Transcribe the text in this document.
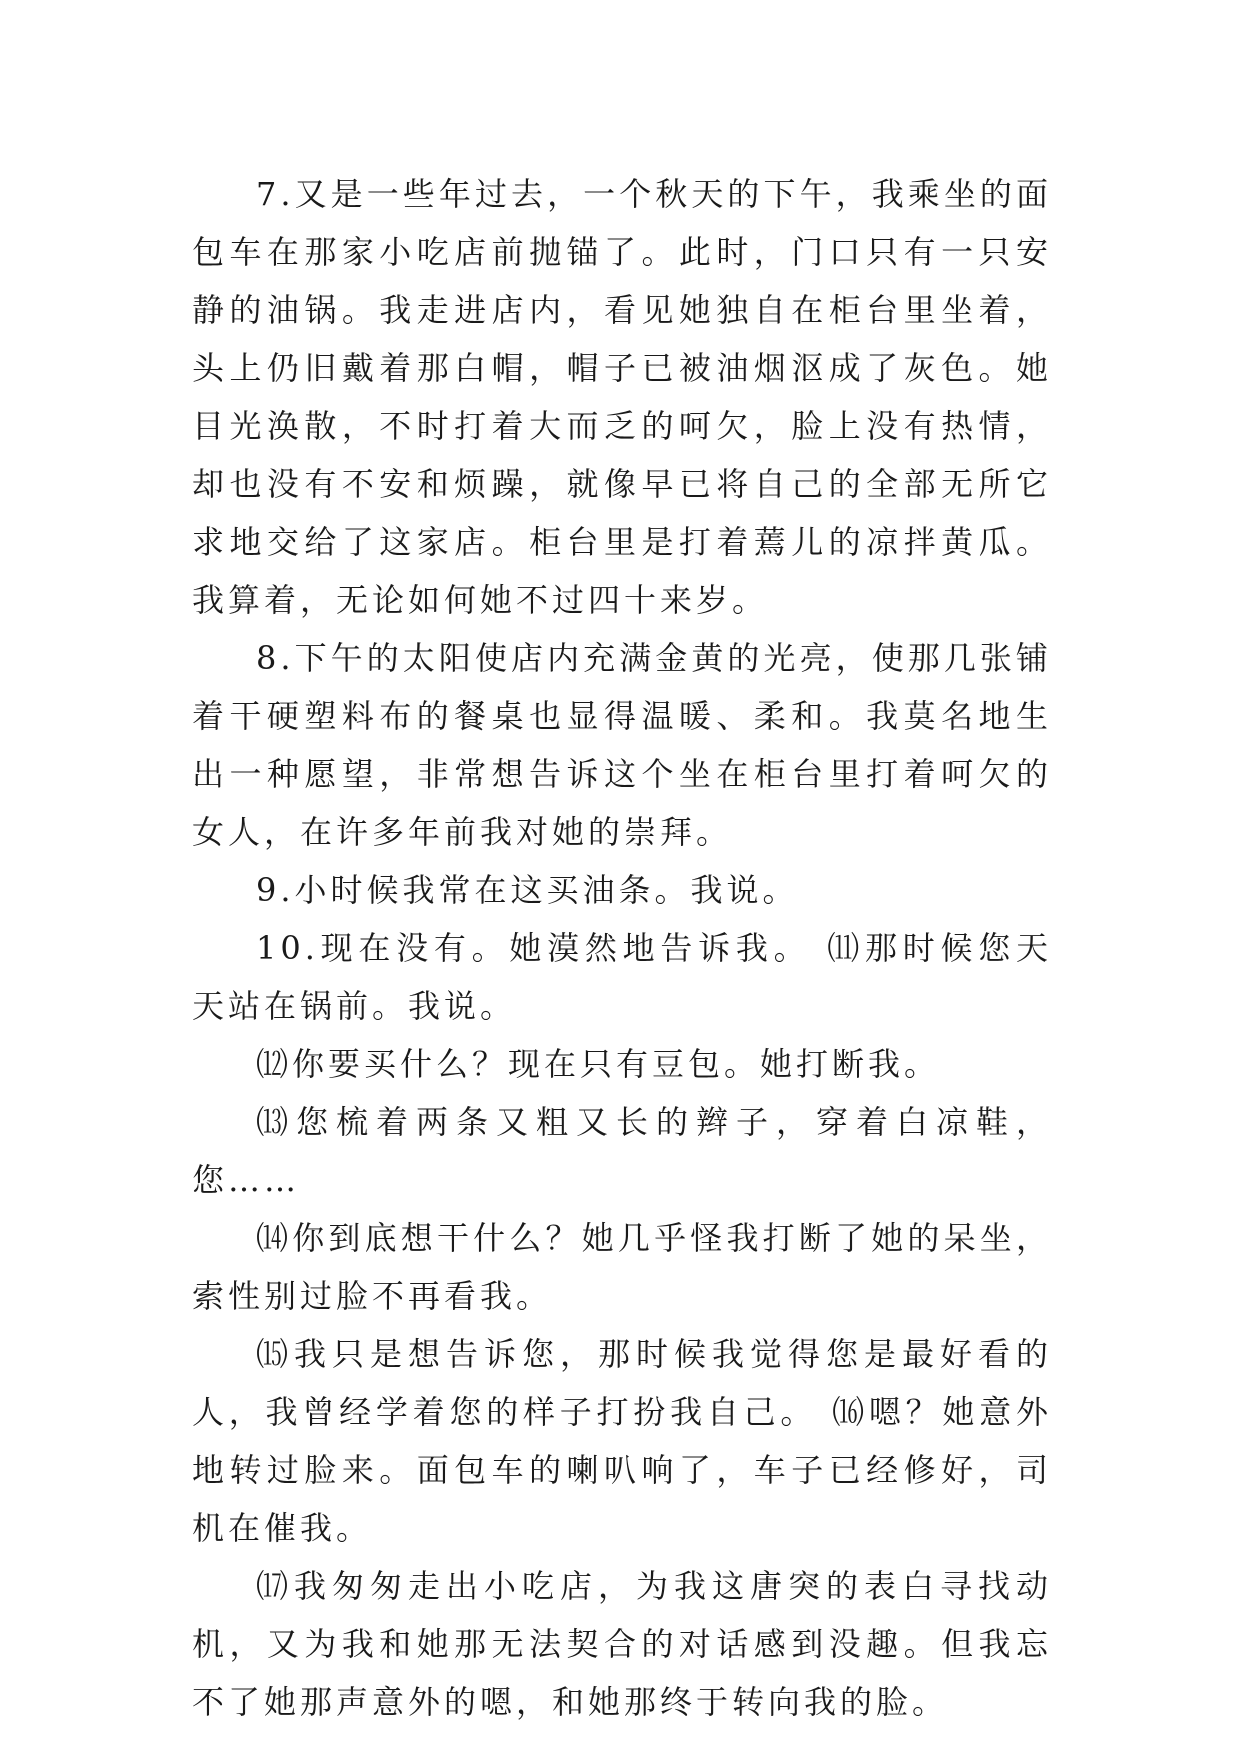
7.又是一些年过去，一个秋天的下午，我乘坐的面包车在那家小吃店前抛锚了。此时，门口只有一只安静的油锅。我走进店内，看见她独自在柜台里坐着，头上仍旧戴着那白帽，帽子已被油烟沤成了灰色。她目光涣散，不时打着大而乏的呵欠，脸上没有热情，却也没有不安和烦躁，就像早已将自己的全部无所它求地交给了这家店。柜台里是打着蔫儿的凉拌黄瓜。我算着，无论如何她不过四十来岁。

8.下午的太阳使店内充满金黄的光亮，使那几张铺着干硬塑料布的餐桌也显得温暖、柔和。我莫名地生出一种愿望，非常想告诉这个坐在柜台里打着呵欠的女人，在许多年前我对她的崇拜。

9.小时候我常在这买油条。我说。

10.现在没有。她漠然地告诉我。 ⑾那时候您天天站在锅前。我说。

⑿你要买什么？现在只有豆包。她打断我。

⒀您梳着两条又粗又长的辫子，穿着白凉鞋，您……

⒁你到底想干什么？她几乎怪我打断了她的呆坐，索性别过脸不再看我。

⒂我只是想告诉您，那时候我觉得您是最好看的人，我曾经学着您的样子打扮我自己。 ⒃嗯？她意外地转过脸来。面包车的喇叭响了，车子已经修好，司机在催我。

⒄我匆匆走出小吃店，为我这唐突的表白寻找动机，又为我和她那无法契合的对话感到没趣。但我忘不了她那声意外的嗯，和她那终于转向我的脸。
